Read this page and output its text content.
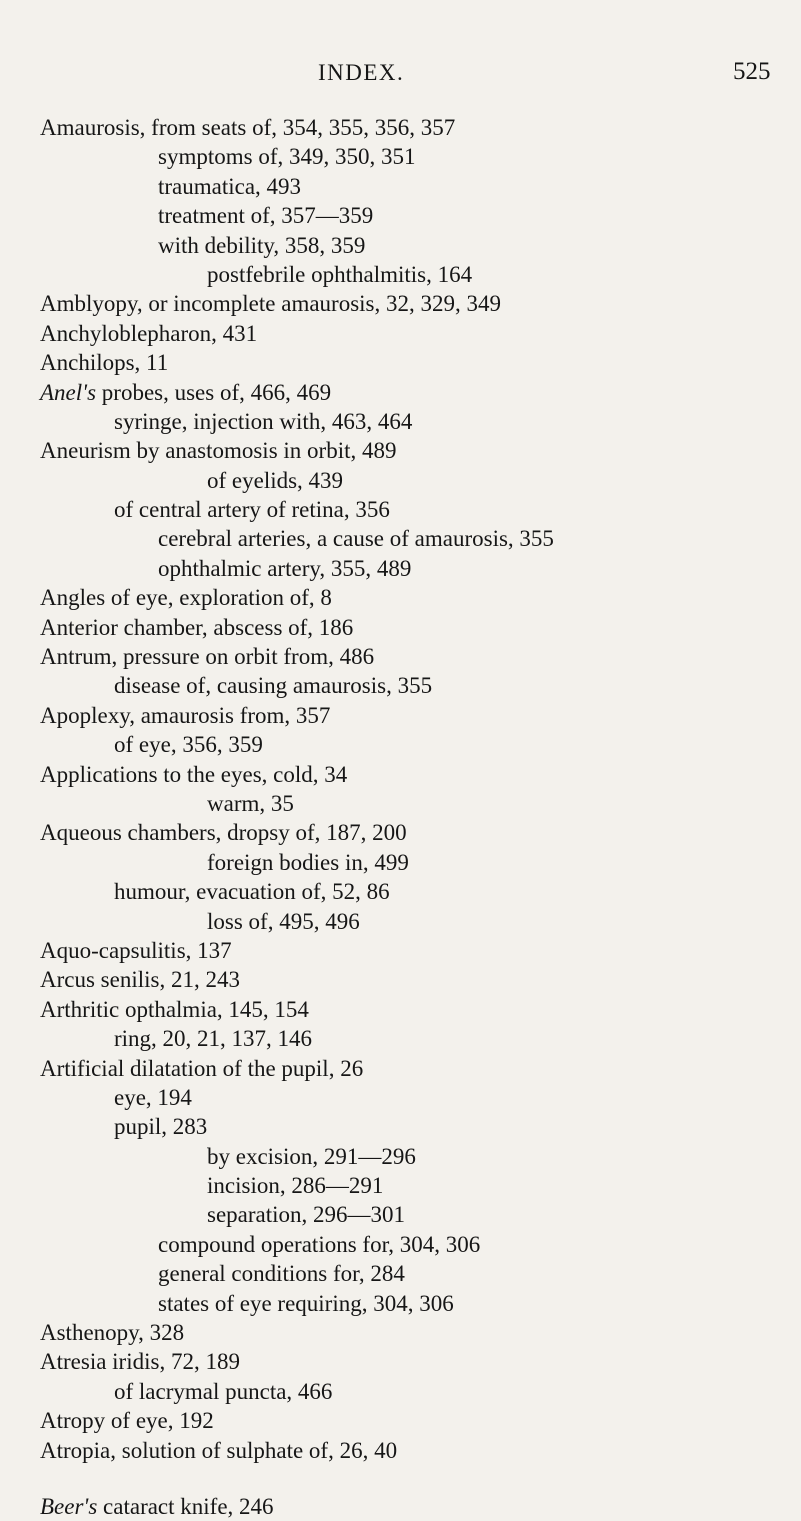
INDEX.	525
Amaurosis, from seats of, 354, 355, 356, 357
symptoms of, 349, 350, 351
traumatica, 493
treatment of, 357—359
with debility, 358, 359
postfebrile ophthalmitis, 164
Amblyopy, or incomplete amaurosis, 32, 329, 349
Anchyloblepharon, 431
Anchilops, 11
Anel's probes, uses of, 466, 469
syringe, injection with, 463, 464
Aneurism by anastomosis in orbit, 489
of eyelids, 439
of central artery of retina, 356
cerebral arteries, a cause of amaurosis, 355
ophthalmic artery, 355, 489
Angles of eye, exploration of, 8
Anterior chamber, abscess of, 186
Antrum, pressure on orbit from, 486
disease of, causing amaurosis, 355
Apoplexy, amaurosis from, 357
of eye, 356, 359
Applications to the eyes, cold, 34
warm, 35
Aqueous chambers, dropsy of, 187, 200
foreign bodies in, 499
humour, evacuation of, 52, 86
loss of, 495, 496
Aquo-capsulitis, 137
Arcus senilis, 21, 243
Arthritic opthalmia, 145, 154
ring, 20, 21, 137, 146
Artificial dilatation of the pupil, 26
eye, 194
pupil, 283
by excision, 291—296
incision, 286—291
separation, 296—301
compound operations for, 304, 306
general conditions for, 284
states of eye requiring, 304, 306
Asthenopy, 328
Atresia iridis, 72, 189
of lacrymal puncta, 466
Atropy of eye, 192
Atropia, solution of sulphate of, 26, 40
Beer's cataract knife, 246
